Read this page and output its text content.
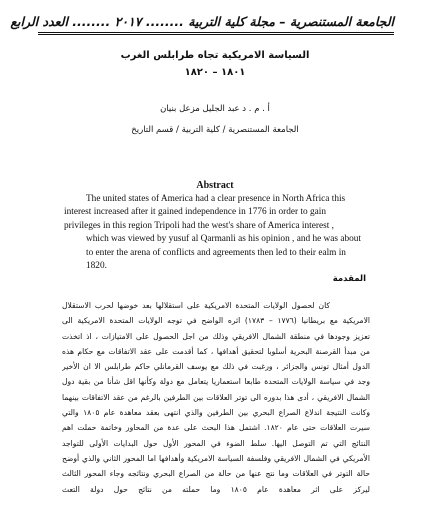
الجامعة المستنصرية – مجلة كلية التربية ........ ٢٠١٧ ........ العدد الرابع
السياسة الامريكية تجاه طرابلس الغرب
١٨٠١ – ١٨٢٠
أ . م . د عبد الجليل مزعل بنيان
الجامعة المستنصرية / كلية التربية / قسم التاريخ
Abstract
The united states of America had a clear presence in North Africa this
interest increased after it gained independence in 1776 in order to gain
privileges in this region Tripoli had the west's share of America interest ,
which was viewed by yusuf al Qarmanli as his opinion , and he was about
to enter the arena of conflicts and agreements then led to their ealm in
1820.
المقدمة
كان لحصول الولايات المتحدة الامريكية على استقلالها بعد خوضها لحرب الاستقلال
الامريكية مع بريطانيا (١٧٧٦ – ١٧٨٣) اثره الواضح في توجه الولايات المتحدة الامريكية الى
تعزيز وجودها في منطقة الشمال الافريقي وذلك من اجل الحصول على الامتيازات ، اذ اتخذت
من مبدأ القرصنة البحرية أسلوبا لتحقيق أهدافها ، كما أقدمت على عقد الاتفاقات مع حكام هذه
الدول أمثال تونس والجزائر ، ورغبت في ذلك مع يوسف القرمانلي حاكم طرابلس الا ان الأخير
وجد في سياسة الولايات المتحدة طابعا استعماريا يتعامل مع دولة وكأنها اقل شأنا من بقية دول
الشمال الافريقي ، أدى هذا بدوره الى توتر العلاقات بين الطرفين بالرغم من عقد الاتفاقات بينهما
وكانت النتيجة اندلاع الصراع البحري بين الطرفين والذي انتهى بعقد معاهدة عام ١٨٠٥ والتي
سيرت العلاقات حتى عام ١٨٢٠. اشتمل هذا البحث على عدة من المحاور وخاتمة حملت اهم
النتائج التي تم التوصل اليها. سلط الضوء في المحور الأول حول البدايات الأولى للتواجد
الأمريكي في الشمال الافريقي وفلسفة السياسة الامريكية وأهدافها اما المحور الثاني والذي أوضح
حالة التوتر في العلاقات وما نتج عنها من حالة من الصراع البحري ونتائجه وجاء المحور الثالث
ليركز على اثر معاهدة عام ١٨٠٥ وما حملته من نتائج حول دولة التعث
